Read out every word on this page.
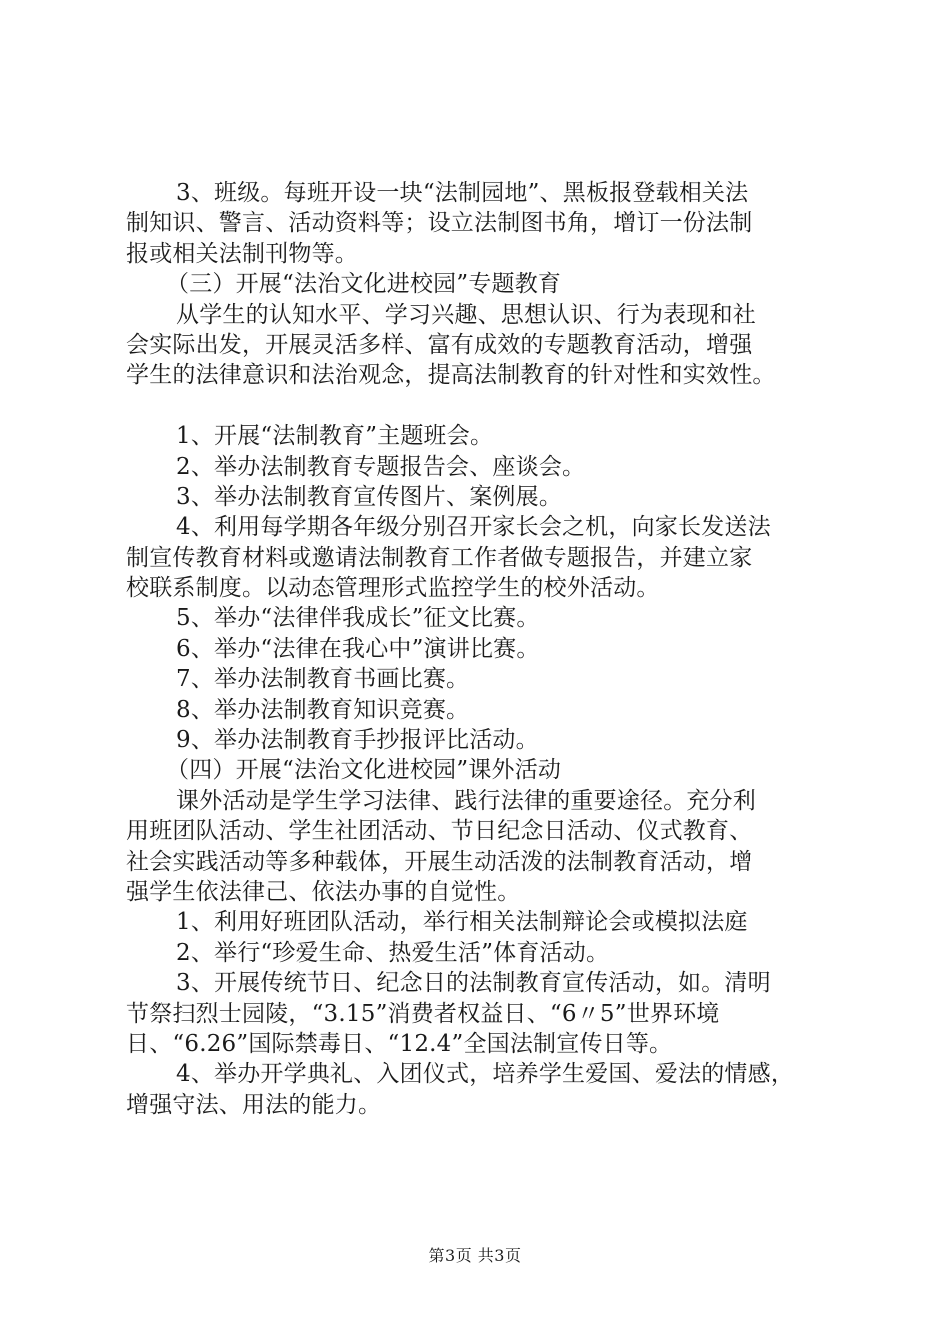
3、班级。每班开设一块“法制园地”、黑板报登载相关法
制知识、警言、活动资料等；设立法制图书角，增订一份法制
报或相关法制刊物等。
（三）开展“法治文化进校园”专题教育
从学生的认知水平、学习兴趣、思想认识、行为表现和社
会实际出发，开展灵活多样、富有成效的专题教育活动，增强
学生的法律意识和法治观念，提高法制教育的针对性和实效性。
1、开展“法制教育”主题班会。
2、举办法制教育专题报告会、座谈会。
3、举办法制教育宣传图片、案例展。
4、利用每学期各年级分别召开家长会之机，向家长发送法
制宣传教育材料或邀请法制教育工作者做专题报告，并建立家
校联系制度。以动态管理形式监控学生的校外活动。
5、举办“法律伴我成长”征文比赛。
6、举办“法律在我心中”演讲比赛。
7、举办法制教育书画比赛。
8、举办法制教育知识竞赛。
9、举办法制教育手抄报评比活动。
（四）开展“法治文化进校园”课外活动
课外活动是学生学习法律、践行法律的重要途径。充分利
用班团队活动、学生社团活动、节日纪念日活动、仪式教育、
社会实践活动等多种载体，开展生动活泼的法制教育活动，增
强学生依法律己、依法办事的自觉性。
1、利用好班团队活动，举行相关法制辩论会或模拟法庭
2、举行“珍爱生命、热爱生活”体育活动。
3、开展传统节日、纪念日的法制教育宣传活动，如。清明
节祭扫烈士园陵，“3.15”消费者权益日、“6〃5”世界环境
日、“6.26”国际禁毒日、“12.4”全国法制宣传日等。
4、举办开学典礼、入团仪式，培养学生爱国、爱法的情感，
增强守法、用法的能力。
第3页 共3页
